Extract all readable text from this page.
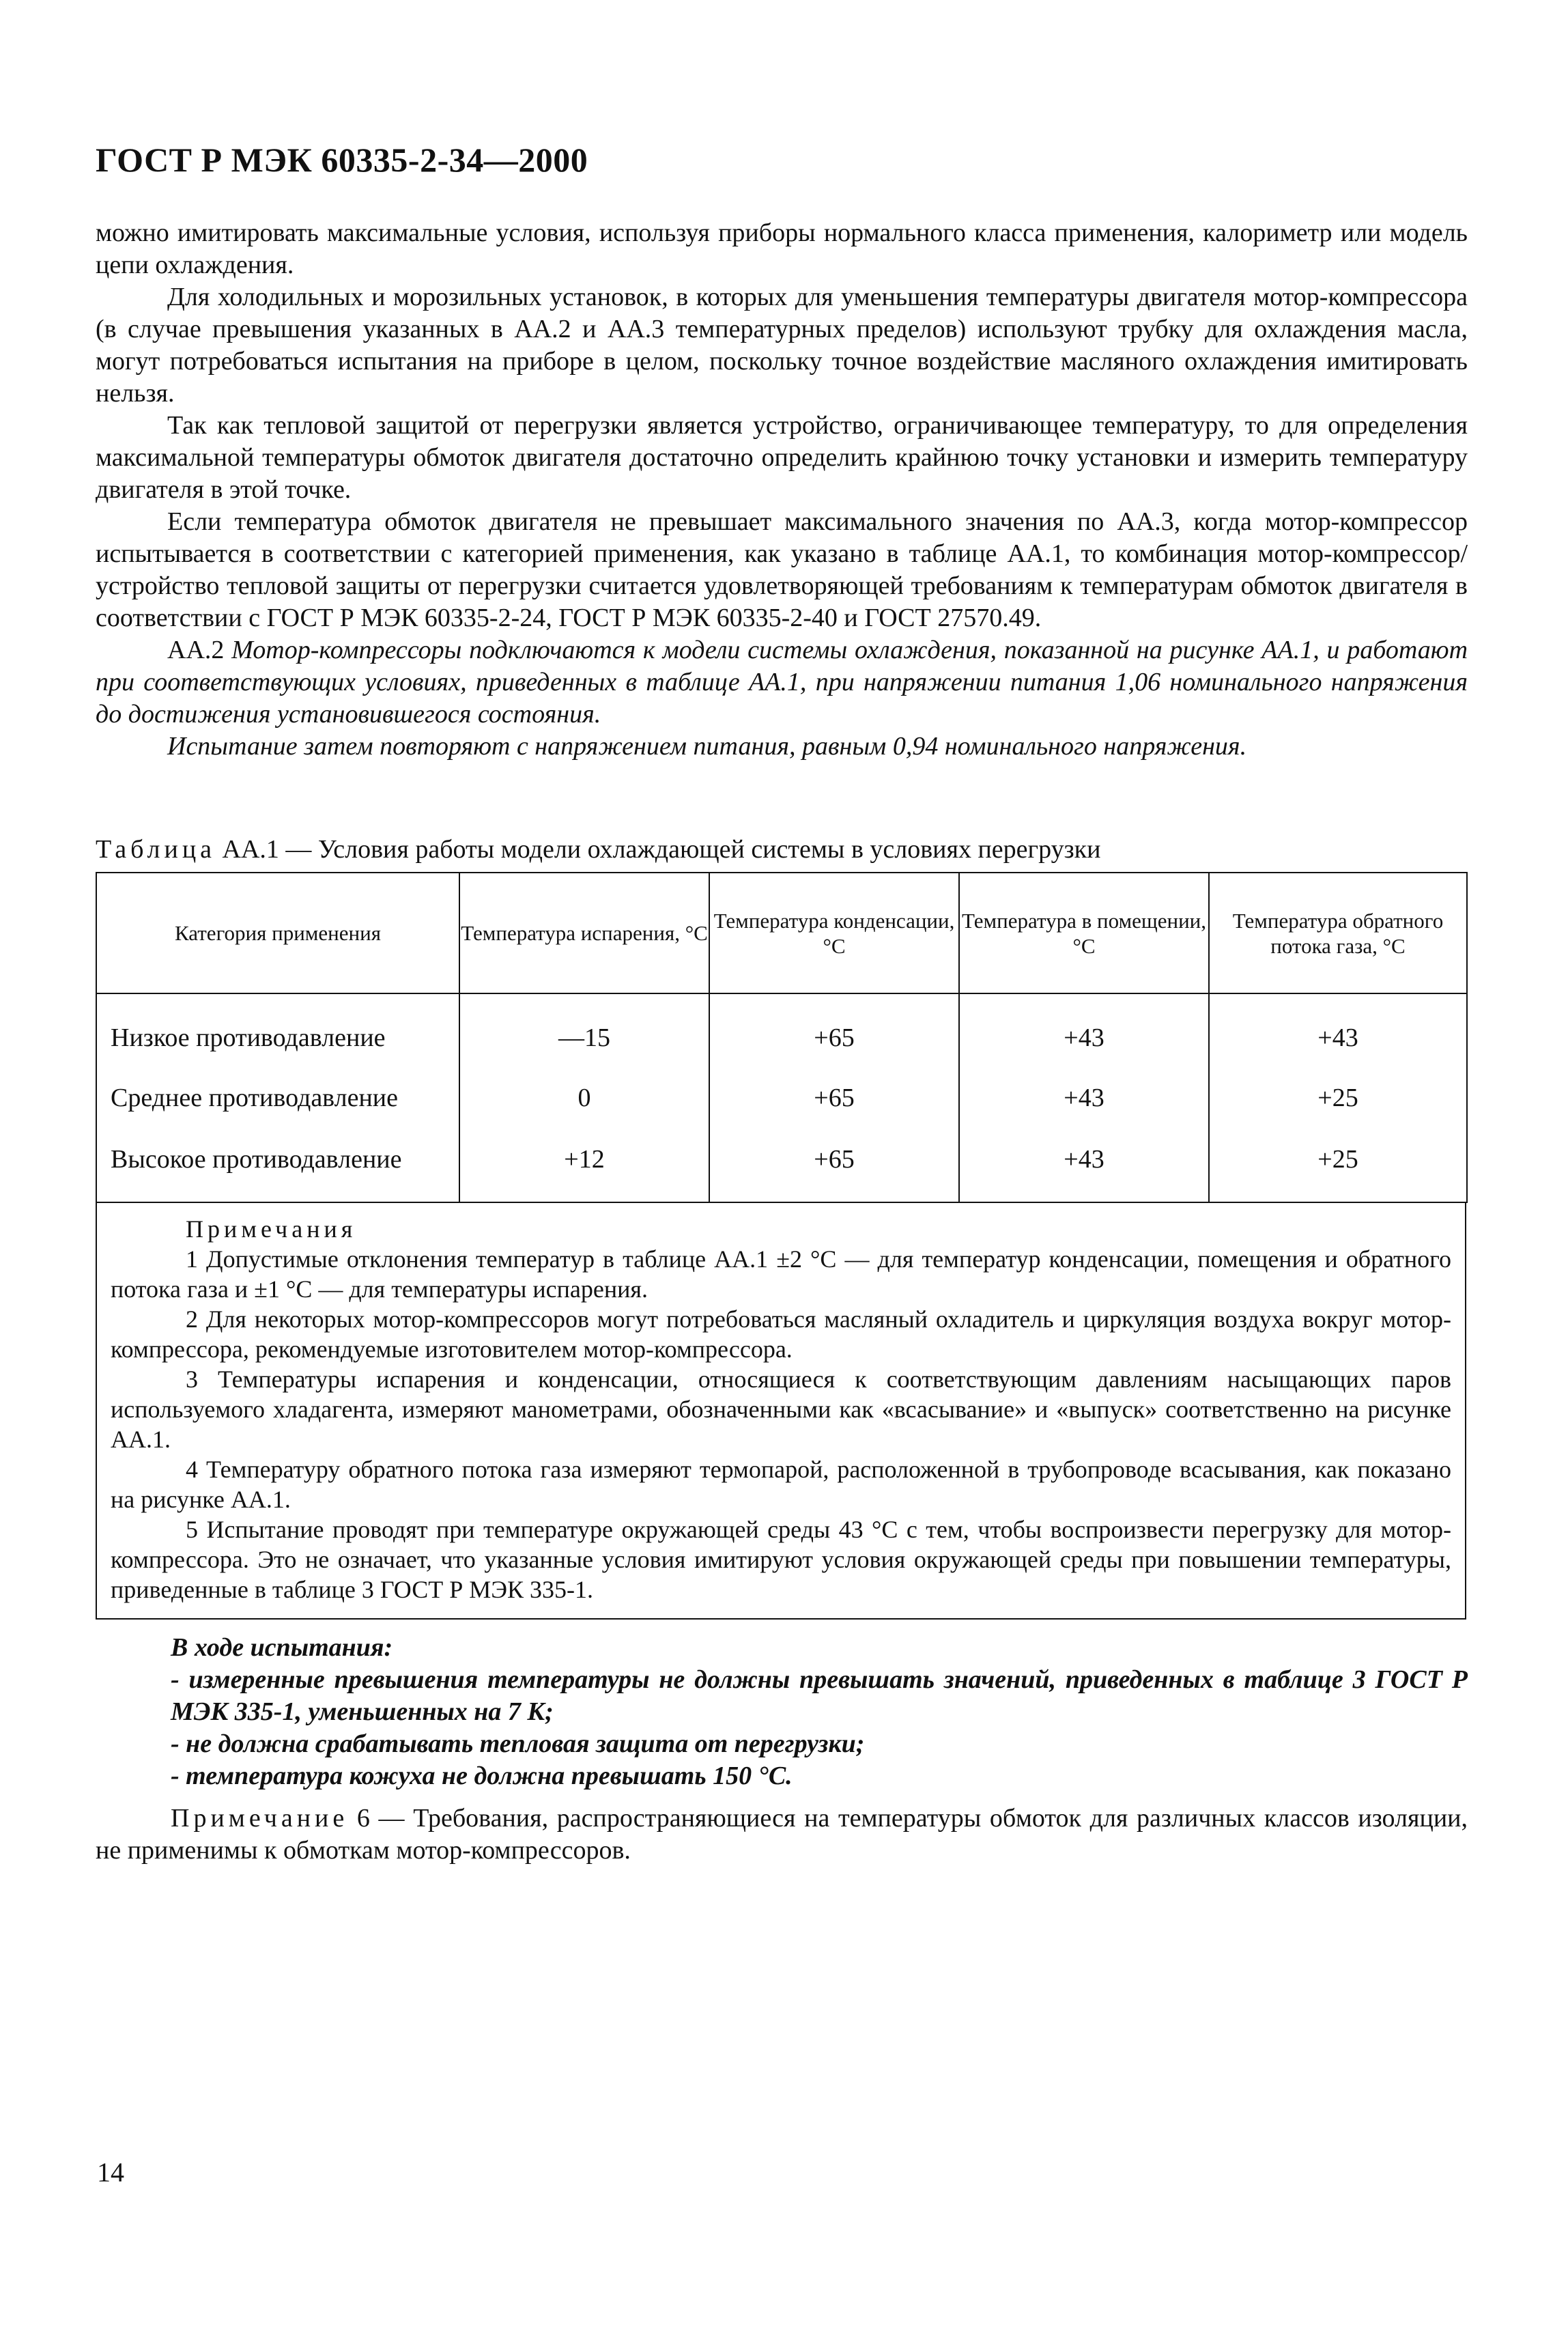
ГОСТ Р МЭК 60335-2-34—2000

можно имитировать максимальные условия, используя приборы нормального класса применения, калориметр или модель цепи охлаждения.

Для холодильных и морозильных установок, в которых для уменьшения температуры двигателя мотор-компрессора (в случае превышения указанных в АА.2 и АА.3 температурных пределов) используют трубку для охлаждения масла, могут потребоваться испытания на приборе в целом, поскольку точное воздействие масляного охлаждения имитировать нельзя.

Так как тепловой защитой от перегрузки является устройство, ограничивающее температуру, то для определения максимальной температуры обмоток двигателя достаточно определить крайнюю точку установки и измерить температуру двигателя в этой точке.

Если температура обмоток двигателя не превышает максимального значения по АА.3, когда мотор-компрессор испытывается в соответствии с категорией применения, как указано в таблице АА.1, то комбинация мотор-компрессор/устройство тепловой защиты от перегрузки считается удовлетворяющей требованиям к температурам обмоток двигателя в соответствии с ГОСТ Р МЭК 60335-2-24, ГОСТ Р МЭК 60335-2-40 и ГОСТ 27570.49.

АА.2 Мотор-компрессоры подключаются к модели системы охлаждения, показанной на рисунке АА.1, и работают при соответствующих условиях, приведенных в таблице АА.1, при напряжении питания 1,06 номинального напряжения до достижения установившегося состояния.

Испытание затем повторяют с напряжением питания, равным 0,94 номинального напряжения.

Таблица АА.1 — Условия работы модели охлаждающей системы в условиях перегрузки
Категория применения	Температура испарения, °С	Температура конденсации, °С	Температура в помещении, °С	Температура обратного потока газа, °С
Низкое противодавление	—15	+65	+43	+43
Среднее противодавление	0	+65	+43	+25
Высокое противодавление	+12	+65	+43	+25

Примечания

1 Допустимые отклонения температур в таблице АА.1 ±2 °С — для температур конденсации, помещения и обратного потока газа и ±1 °С — для температуры испарения.

2 Для некоторых мотор-компрессоров могут потребоваться масляный охладитель и циркуляция воздуха вокруг мотор-компрессора, рекомендуемые изготовителем мотор-компрессора.

3 Температуры испарения и конденсации, относящиеся к соответствующим давлениям насыщающих паров используемого хладагента, измеряют манометрами, обозначенными как «всасывание» и «выпуск» соответственно на рисунке АА.1.

4 Температуру обратного потока газа измеряют термопарой, расположенной в трубопроводе всасывания, как показано на рисунке АА.1.

5 Испытание проводят при температуре окружающей среды 43 °С с тем, чтобы воспроизвести перегрузку для мотор-компрессора. Это не означает, что указанные условия имитируют условия окружающей среды при повышении температуры, приведенные в таблице 3 ГОСТ Р МЭК 335-1.

В ходе испытания:

- измеренные превышения температуры не должны превышать значений, приведенных в таблице 3 ГОСТ Р МЭК 335-1, уменьшенных на 7 К;

- не должна срабатывать тепловая защита от перегрузки;

- температура кожуха не должна превышать 150 °С.

Примечание 6 — Требования, распространяющиеся на температуры обмоток для различных классов изоляции, не применимы к обмоткам мотор-компрессоров.

14
